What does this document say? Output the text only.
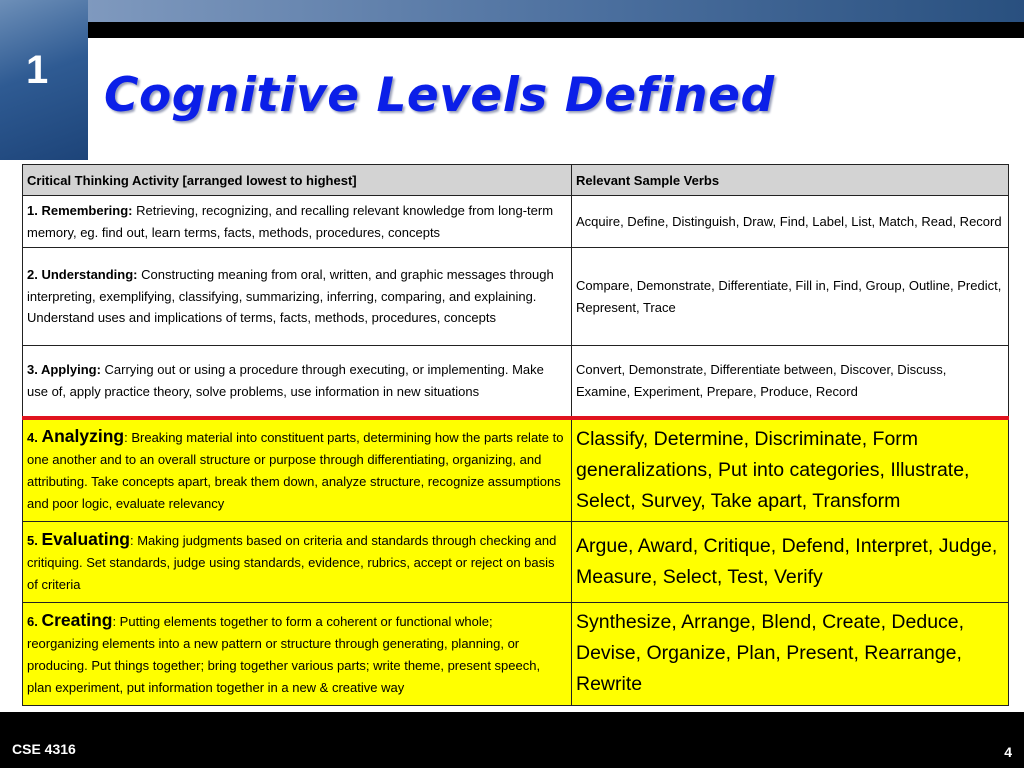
1	Cognitive Levels Defined
Critical Thinking Activity [arranged lowest to highest]	Relevant Sample Verbs
1. Remembering: Retrieving, recognizing, and recalling relevant knowledge from long-term memory, eg. find out, learn terms, facts, methods, procedures, concepts	Acquire, Define, Distinguish, Draw, Find, Label, List, Match, Read, Record
2. Understanding: Constructing meaning from oral, written, and graphic messages through interpreting, exemplifying, classifying, summarizing, inferring, comparing, and explaining. Understand uses and implications of terms, facts, methods, procedures, concepts	Compare, Demonstrate, Differentiate, Fill in, Find, Group, Outline, Predict, Represent, Trace
3. Applying: Carrying out or using a procedure through executing, or implementing. Make use of, apply practice theory, solve problems, use information in new situations	Convert, Demonstrate, Differentiate between, Discover, Discuss, Examine, Experiment, Prepare, Produce, Record
4. Analyzing: Breaking material into constituent parts, determining how the parts relate to one another and to an overall structure or purpose through differentiating, organizing, and attributing. Take concepts apart, break them down, analyze structure, recognize assumptions and poor logic, evaluate relevancy	Classify, Determine, Discriminate, Form generalizations, Put into categories, Illustrate, Select, Survey, Take apart, Transform
5. Evaluating: Making judgments based on criteria and standards through checking and critiquing. Set standards, judge using standards, evidence, rubrics, accept or reject on basis of criteria	Argue, Award, Critique, Defend, Interpret, Judge, Measure, Select, Test, Verify
6. Creating: Putting elements together to form a coherent or functional whole; reorganizing elements into a new pattern or structure through generating, planning, or producing. Put things together; bring together various parts; write theme, present speech, plan experiment, put information together in a new & creative way	Synthesize, Arrange, Blend, Create, Deduce, Devise, Organize, Plan, Present, Rearrange, Rewrite
CSE 4316	4
